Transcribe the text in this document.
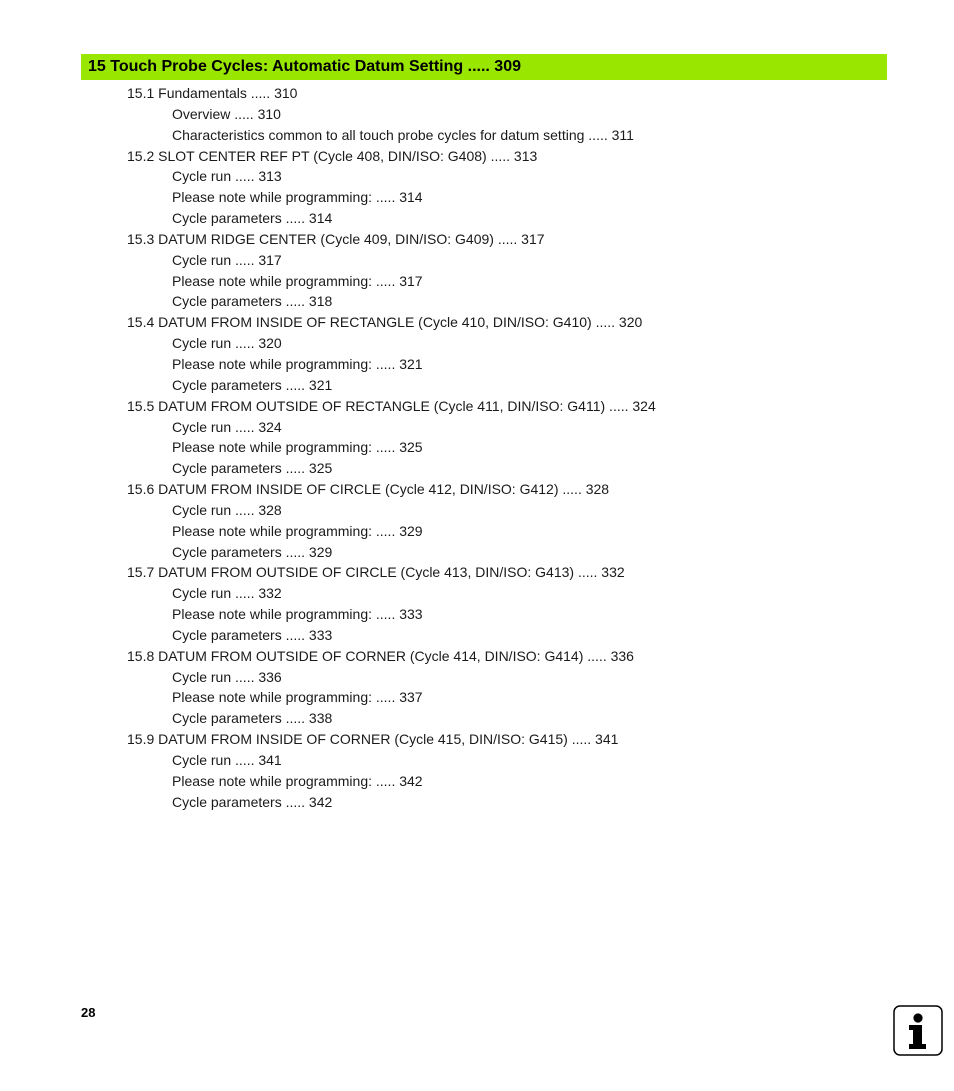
15 Touch Probe Cycles: Automatic Datum Setting ..... 309
15.1 Fundamentals ..... 310
Overview ..... 310
Characteristics common to all touch probe cycles for datum setting ..... 311
15.2 SLOT CENTER REF PT (Cycle 408, DIN/ISO: G408) ..... 313
Cycle run ..... 313
Please note while programming: ..... 314
Cycle parameters ..... 314
15.3 DATUM RIDGE CENTER (Cycle 409, DIN/ISO: G409) ..... 317
Cycle run ..... 317
Please note while programming: ..... 317
Cycle parameters ..... 318
15.4 DATUM FROM INSIDE OF RECTANGLE (Cycle 410, DIN/ISO: G410) ..... 320
Cycle run ..... 320
Please note while programming: ..... 321
Cycle parameters ..... 321
15.5 DATUM FROM OUTSIDE OF RECTANGLE (Cycle 411, DIN/ISO: G411) ..... 324
Cycle run ..... 324
Please note while programming: ..... 325
Cycle parameters ..... 325
15.6 DATUM FROM INSIDE OF CIRCLE (Cycle 412, DIN/ISO: G412) ..... 328
Cycle run ..... 328
Please note while programming: ..... 329
Cycle parameters ..... 329
15.7 DATUM FROM OUTSIDE OF CIRCLE (Cycle 413, DIN/ISO: G413) ..... 332
Cycle run ..... 332
Please note while programming: ..... 333
Cycle parameters ..... 333
15.8 DATUM FROM OUTSIDE OF CORNER (Cycle 414, DIN/ISO: G414) ..... 336
Cycle run ..... 336
Please note while programming: ..... 337
Cycle parameters ..... 338
15.9 DATUM FROM INSIDE OF CORNER (Cycle 415, DIN/ISO: G415) ..... 341
Cycle run ..... 341
Please note while programming: ..... 342
Cycle parameters ..... 342
28
